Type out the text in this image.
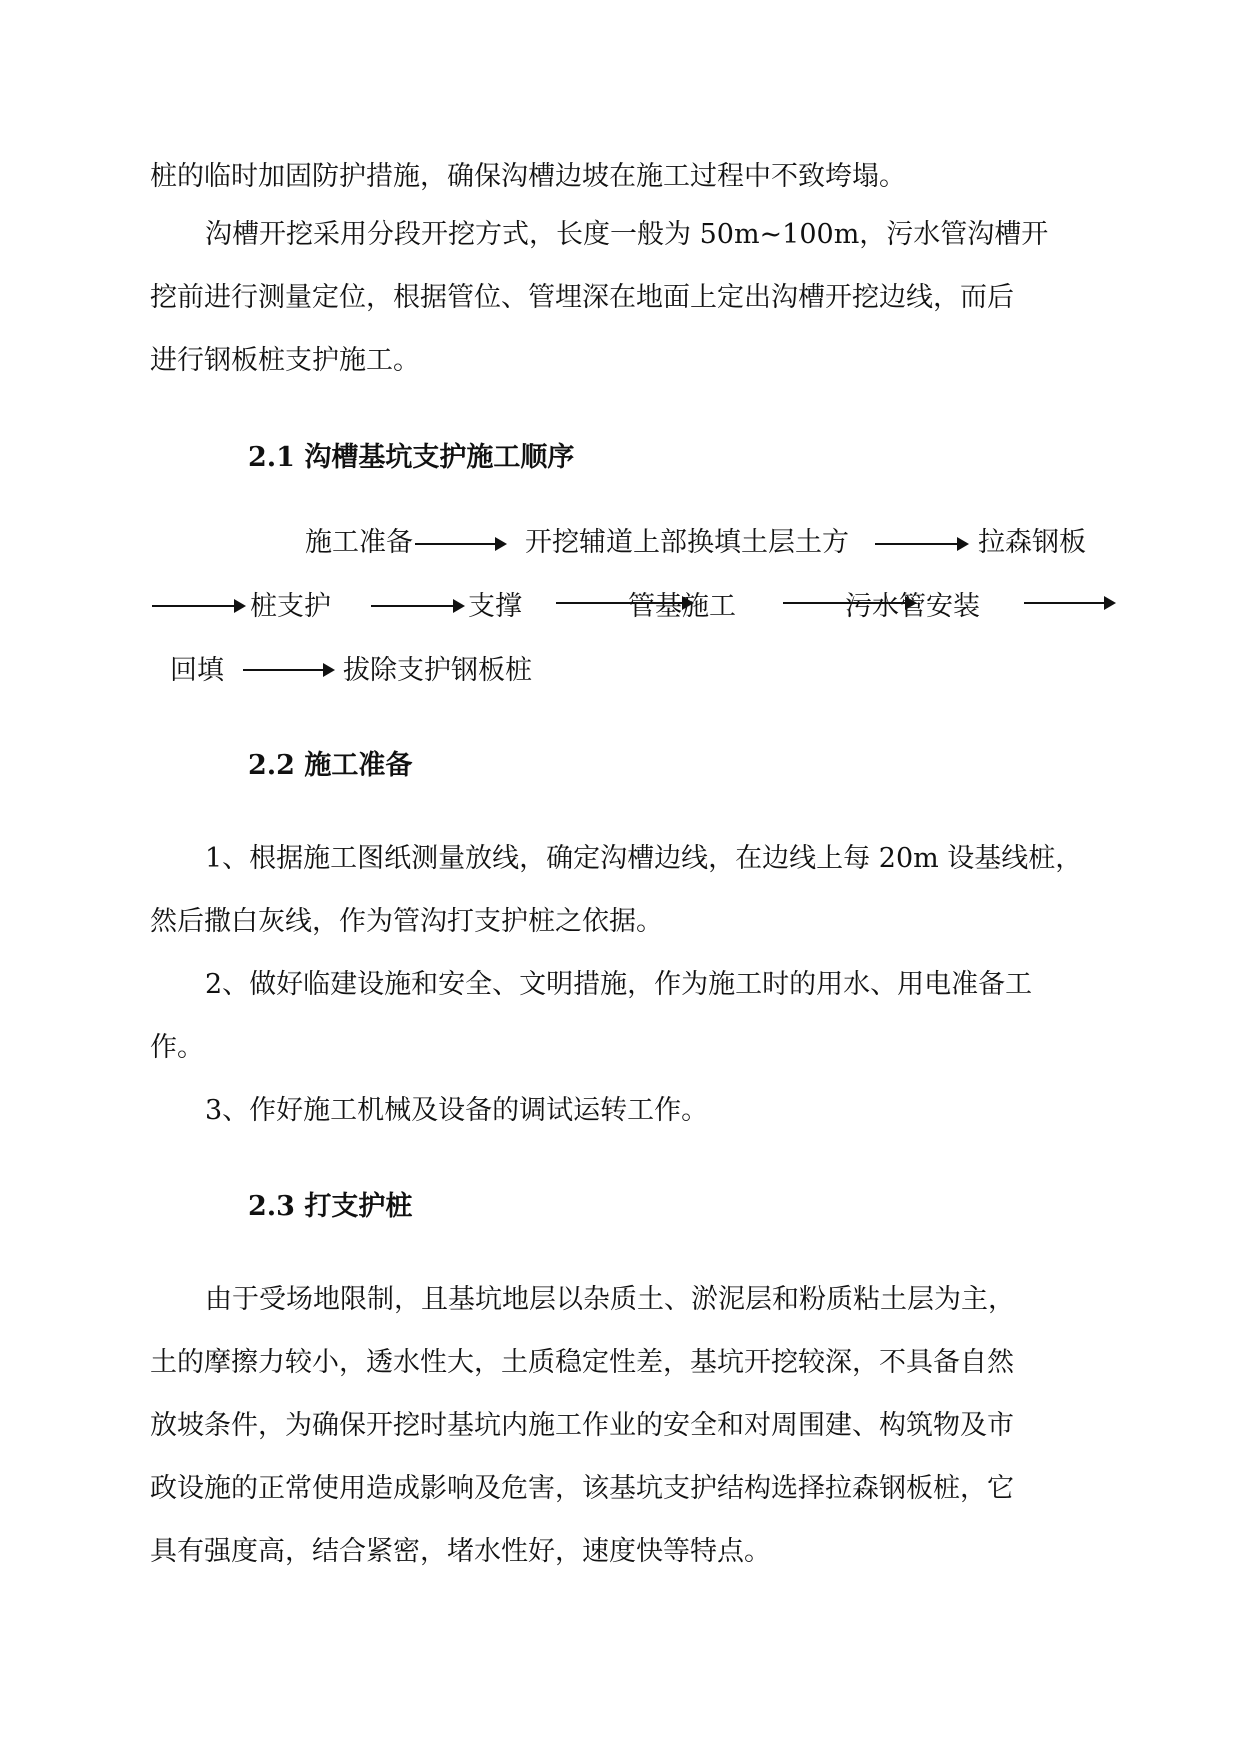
桩的临时加固防护措施，确保沟槽边坡在施工过程中不致垮塌。

沟槽开挖采用分段开挖方式，长度一般为 50m~100m，污水管沟槽开

挖前进行测量定位，根据管位、管埋深在地面上定出沟槽开挖边线，而后

进行钢板桩支护施工。

2.1 沟槽基坑支护施工顺序
施工准备	开挖辅道上部换填土层土方	拉森钢板
桩支护	支撑	管基施工	污水管安装
回填	拔除支护钢板桩
2.2 施工准备

1、根据施工图纸测量放线，确定沟槽边线，在边线上每 20m 设基线桩，

然后撒白灰线，作为管沟打支护桩之依据。

2、做好临建设施和安全、文明措施，作为施工时的用水、用电准备工

作。

3、作好施工机械及设备的调试运转工作。

2.3 打支护桩

由于受场地限制，且基坑地层以杂质土、淤泥层和粉质粘土层为主，

土的摩擦力较小，透水性大，土质稳定性差，基坑开挖较深，不具备自然

放坡条件，为确保开挖时基坑内施工作业的安全和对周围建、构筑物及市

政设施的正常使用造成影响及危害，该基坑支护结构选择拉森钢板桩，它

具有强度高，结合紧密，堵水性好，速度快等特点。
